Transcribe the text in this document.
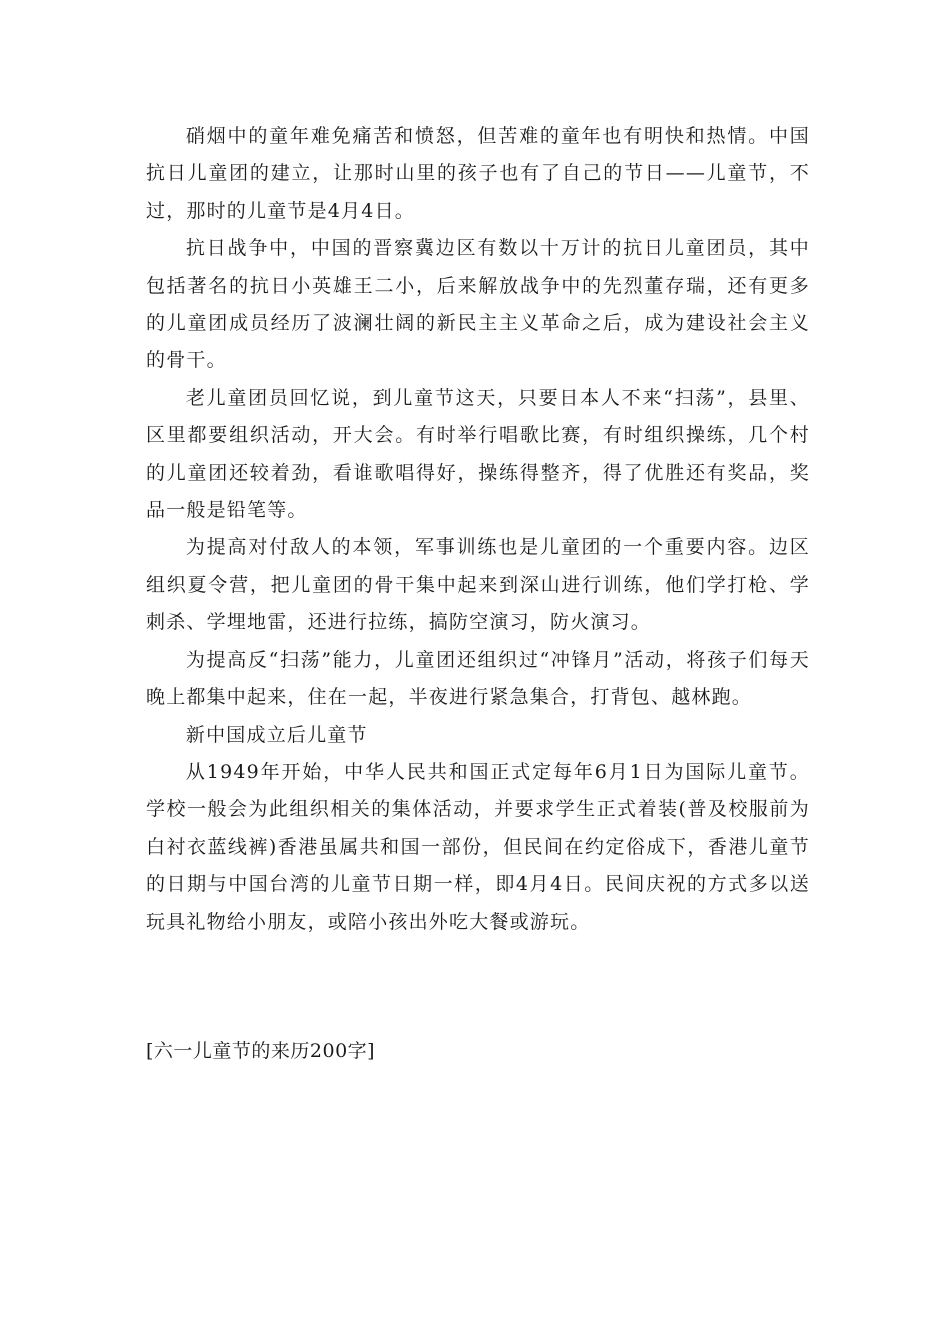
硝烟中的童年难免痛苦和愤怒，但苦难的童年也有明快和热情。中国抗日儿童团的建立，让那时山里的孩子也有了自己的节日——儿童节，不过，那时的儿童节是4月4日。

抗日战争中，中国的晋察冀边区有数以十万计的抗日儿童团员，其中包括著名的抗日小英雄王二小，后来解放战争中的先烈董存瑞，还有更多的儿童团成员经历了波澜壮阔的新民主主义革命之后，成为建设社会主义的骨干。

老儿童团员回忆说，到儿童节这天，只要日本人不来“扫荡”，县里、区里都要组织活动，开大会。有时举行唱歌比赛，有时组织操练，几个村的儿童团还较着劲，看谁歌唱得好，操练得整齐，得了优胜还有奖品，奖品一般是铅笔等。

为提高对付敌人的本领，军事训练也是儿童团的一个重要内容。边区组织夏令营，把儿童团的骨干集中起来到深山进行训练，他们学打枪、学刺杀、学埋地雷，还进行拉练，搞防空演习，防火演习。

为提高反“扫荡”能力，儿童团还组织过“冲锋月”活动，将孩子们每天晚上都集中起来，住在一起，半夜进行紧急集合，打背包、越林跑。

新中国成立后儿童节

从1949年开始，中华人民共和国正式定每年6月1日为国际儿童节。学校一般会为此组织相关的集体活动，并要求学生正式着装(普及校服前为白衬衣蓝线裤)香港虽属共和国一部份，但民间在约定俗成下，香港儿童节的日期与中国台湾的儿童节日期一样，即4月4日。民间庆祝的方式多以送玩具礼物给小朋友，或陪小孩出外吃大餐或游玩。

[六一儿童节的来历200字]
